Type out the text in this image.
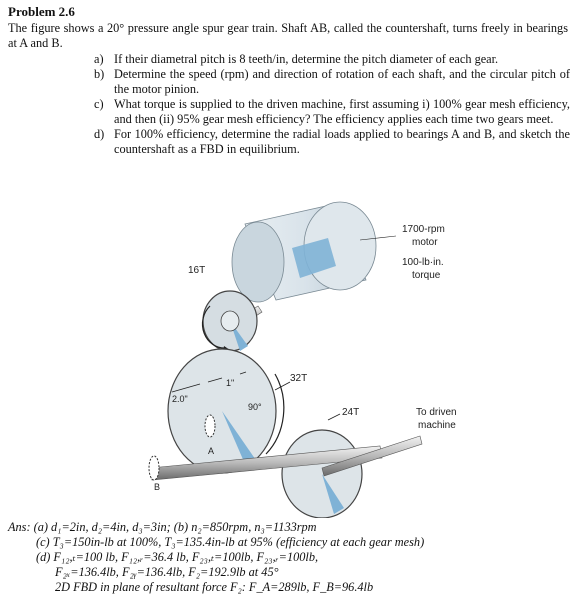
Problem 2.6
The figure shows a 20° pressure angle spur gear train. Shaft AB, called the countershaft, turns freely in bearings at A and B.
a) If their diametral pitch is 8 teeth/in, determine the pitch diameter of each gear.
b) Determine the speed (rpm) and direction of rotation of each shaft, and the circular pitch of the motor pinion.
c) What torque is supplied to the driven machine, first assuming i) 100% gear mesh efficiency, and then (ii) 95% gear mesh efficiency? The efficiency applies each time two gears meet.
d) For 100% efficiency, determine the radial loads applied to bearings A and B, and sketch the countershaft as a FBD in equilibrium.
1700-rpm
motor
100-lb·in.
torque
16T
32T
24T	To driven
machine
2.0"
1"
90°
A
B
Ans: (a) d₁=2in, d₂=4in, d₃=3in; (b) n₂=850rpm, n₃=1133rpm
(c) T₃=150in-lb at 100%, T₃=135.4in-lb at 95% (efficiency at each gear mesh)
(d) F₁₂,ₜ=100 lb, F₁₂,ᵣ=36.4 lb, F₂₃,ₜ=100lb, F₂₃,ᵣ=100lb,
F₂ₓ=136.4lb, F₂ᵧ=136.4lb, F₂=192.9lb at 45°
2D FBD in plane of resultant force F₂: F_A=289lb, F_B=96.4lb
